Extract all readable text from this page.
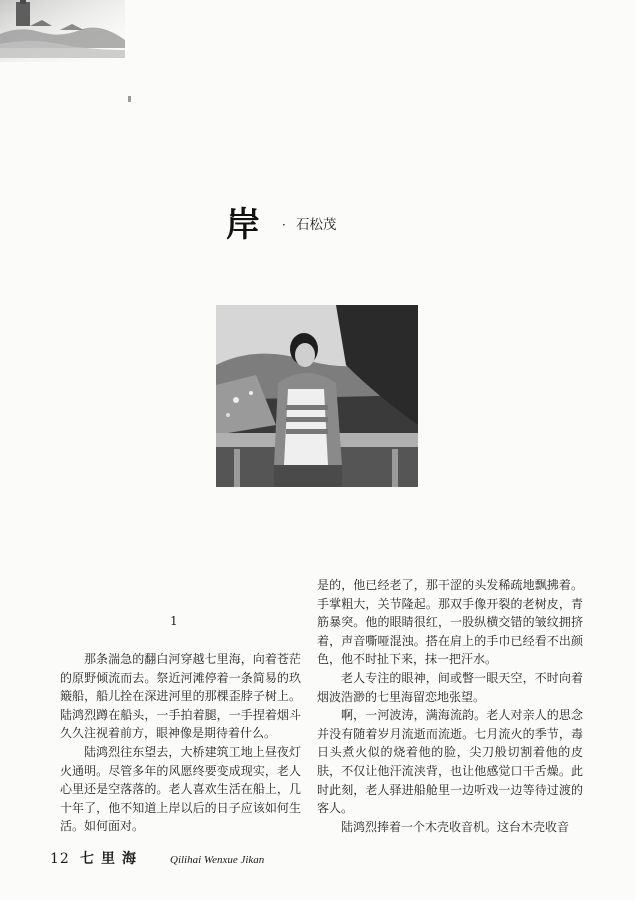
岸 · 石松茂
1

那条湍急的翻白河穿越七里海，向着苍茫的原野倾流而去。祭近河滩停着一条简易的玖簸船，船儿拴在深进河里的那棵歪脖子树上。陆鸿烈蹲在船头，一手拍着腿，一手捏着烟斗久久注视着前方，眼神像是期待着什么。

陆鸿烈往东望去，大桥建筑工地上昼夜灯火通明。尽管多年的风愿终要变成现实，老人心里还是空落落的。老人喜欢生活在船上，几十年了，他不知道上岸以后的日子应该如何生活。如何面对。

是的，他已经老了，那干涩的头发稀疏地飘拂着。手掌粗大，关节隆起。那双手像开裂的老树皮，青筋暴突。他的眼睛很红，一股纵横交错的皱纹拥挤着，声音嘶哑混浊。搭在肩上的手巾已经看不出颜色，他不时扯下来，抹一把汗水。

老人专注的眼神，间或瞥一眼天空，不时向着烟波浩渺的七里海留恋地张望。

啊，一河波涛，满海流韵。老人对亲人的思念并没有随着岁月流逝而流逝。七月流火的季节，毒日头煮火似的烧着他的脸，尖刀般切割着他的皮肤，不仅让他汗流浃背，也让他感觉口干舌燥。此时此刻，老人驿进船舱里一边听戏一边等待过渡的客人。

陆鸿烈捧着一个木壳收音机。这台木壳收音

12 七里海 Qilihai Wenxue Jikan
